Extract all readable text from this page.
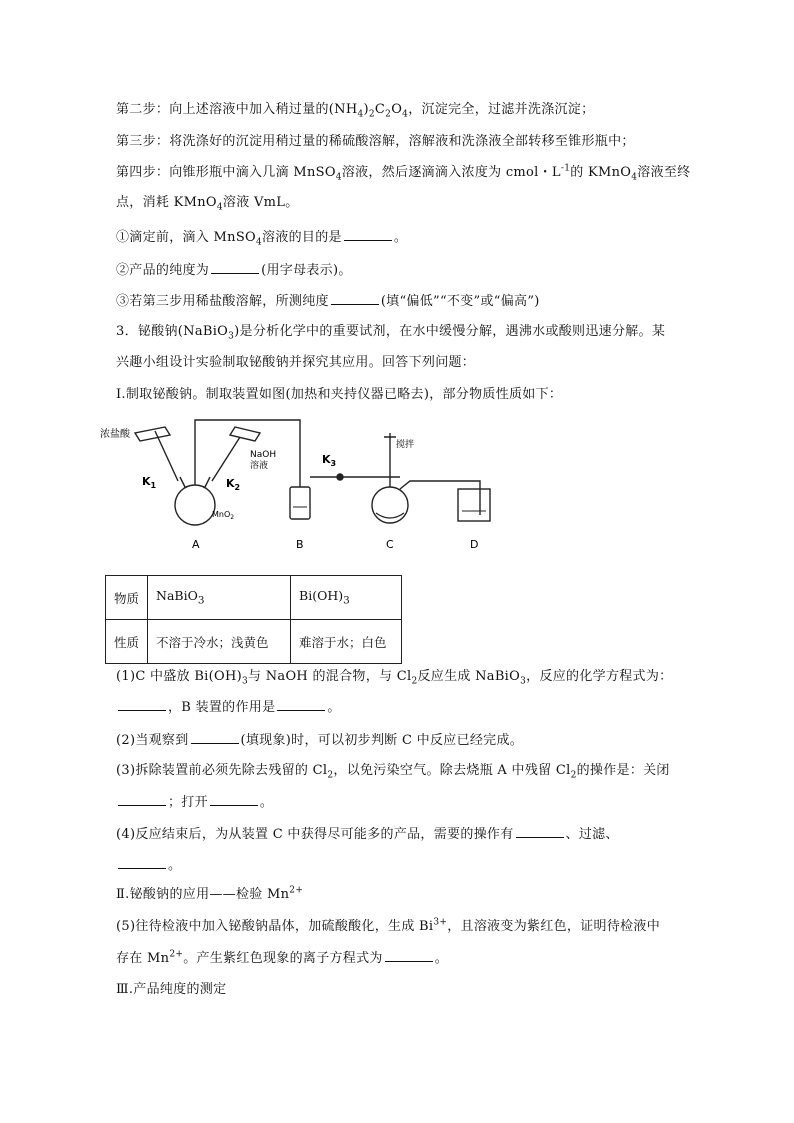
第二步：向上述溶液中加入稍过量的$(NH_4)_2C_2O_4$，沉淀完全，过滤并洗涤沉淀；
第三步：将洗涤好的沉淀用稍过量的稀硫酸溶解，溶解液和洗涤液全部转移至锥形瓶中；
第四步：向锥形瓶中滴入几滴 MnSO$_4$溶液，然后逐滴滴入浓度为 cmol・$L^{-1}$的 KMnO$_4$溶液至终
点，消耗 KMnO$_4$溶液 VmL。
①滴定前，滴入 MnSO$_4$溶液的目的是	。
②产品的纯度为	(用字母表示)。
③若第三步用稀盐酸溶解，所测纯度	(填“偏低”“不变”或“偏高”)
3．铋酸钠(NaBiO$_3$)是分析化学中的重要试剂，在水中缓慢分解，遇沸水或酸则迅速分解。某
兴趣小组设计实验制取铋酸钠并探究其应用。回答下列问题：
Ⅰ.制取铋酸钠。制取装置如图(加热和夹持仪器已略去)，部分物质性质如下：
浓盐酸
NaOH
溶液
$K_1$	$K_2$
$K_3$
MnO$_2$
搅拌
A	B	C	D
物质	NaBiO$_3$	$Bi(OH)_3$
性质	不溶于冷水；浅黄色	难溶于水；白色
(1)C 中盛放 $Bi(OH)_3$与 NaOH 的混合物，与 $Cl_2$反应生成 NaBiO$_3$，反应的化学方程式为：
，B 装置的作用是	。
(2)当观察到	(填现象)时，可以初步判断 C 中反应已经完成。
(3)拆除装置前必须先除去残留的 $Cl_2$，以免污染空气。除去烧瓶 A 中残留 $Cl_2$的操作是：关闭
；打开	。
(4)反应结束后，为从装置 C 中获得尽可能多的产品，需要的操作有	、过滤、
。
Ⅱ.铋酸钠的应用——检验 $Mn^{2+}$
(5)往待检液中加入铋酸钠晶体，加硫酸酸化，生成 $Bi^{3+}$，且溶液变为紫红色，证明待检液中
存在 $Mn^{2+}$。产生紫红色现象的离子方程式为	。
Ⅲ.产品纯度的测定
